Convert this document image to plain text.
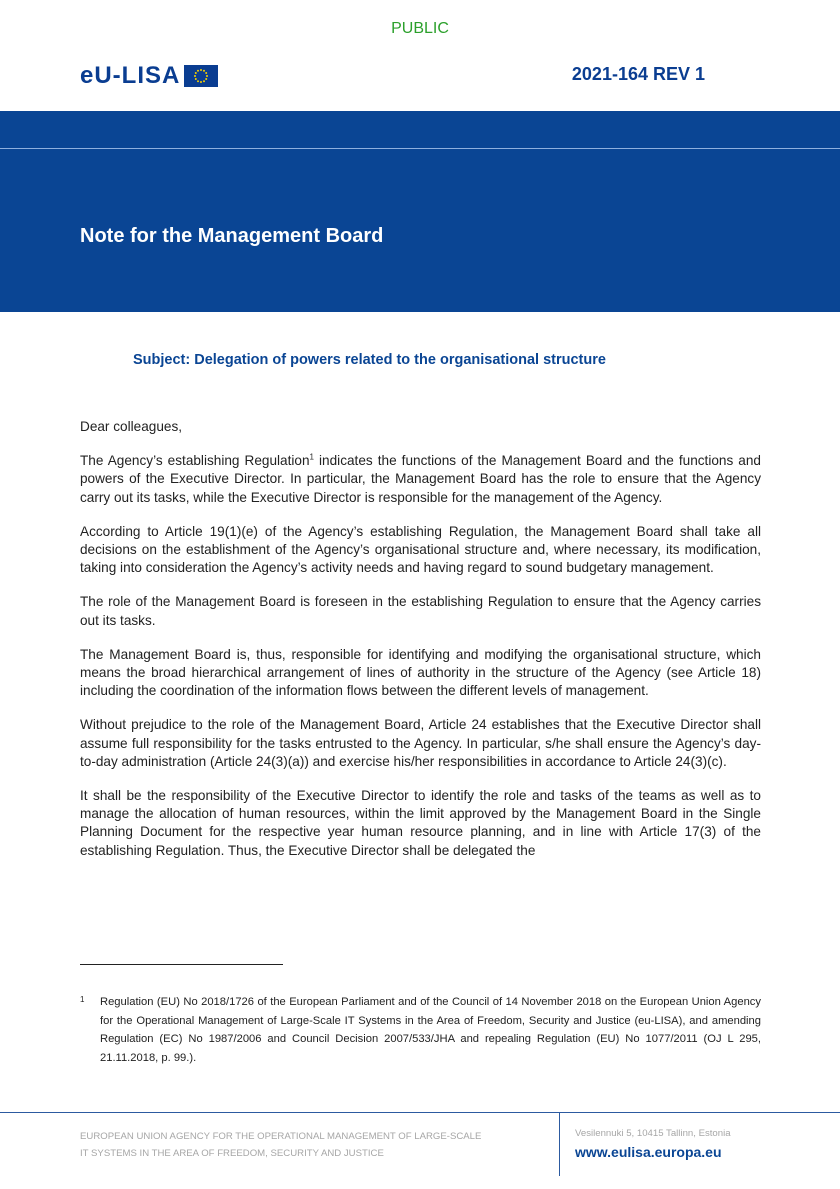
PUBLIC
eU-LISA	2021-164 REV 1
Note for the Management Board
Subject: Delegation of powers related to the organisational structure

Dear colleagues,

The Agency’s establishing Regulation$^1$ indicates the functions of the Management Board and the functions and powers of the Executive Director. In particular, the Management Board has the role to ensure that the Agency carry out its tasks, while the Executive Director is responsible for the management of the Agency.

According to Article 19(1)(e) of the Agency’s establishing Regulation, the Management Board shall take all decisions on the establishment of the Agency’s organisational structure and, where necessary, its modification, taking into consideration the Agency’s activity needs and having regard to sound budgetary management.

The role of the Management Board is foreseen in the establishing Regulation to ensure that the Agency carries out its tasks.

The Management Board is, thus, responsible for identifying and modifying the organisational structure, which means the broad hierarchical arrangement of lines of authority in the structure of the Agency (see Article 18) including the coordination of the information flows between the different levels of management.

Without prejudice to the role of the Management Board, Article 24 establishes that the Executive Director shall assume full responsibility for the tasks entrusted to the Agency. In particular, s/he shall ensure the Agency’s day-to-day administration (Article 24(3)(a)) and exercise his/her responsibilities in accordance to Article 24(3)(c).

It shall be the responsibility of the Executive Director to identify the role and tasks of the teams as well as to manage the allocation of human resources, within the limit approved by the Management Board in the Single Planning Document for the respective year human resource planning, and in line with Article 17(3) of the establishing Regulation. Thus, the Executive Director shall be delegated the

1	Regulation (EU) No 2018/1726 of the European Parliament and of the Council of 14 November 2018 on the European Union Agency for the Operational Management of Large-Scale IT Systems in the Area of Freedom, Security and Justice (eu-LISA), and amending Regulation (EC) No 1987/2006 and Council Decision 2007/533/JHA and repealing Regulation (EU) No 1077/2011 (OJ L 295, 21.11.2018, p. 99.).
EUROPEAN UNION AGENCY FOR THE OPERATIONAL MANAGEMENT OF LARGE-SCALE
IT SYSTEMS IN THE AREA OF FREEDOM, SECURITY AND JUSTICE
Vesilennuki 5, 10415 Tallinn, Estonia
www.eulisa.europa.eu
